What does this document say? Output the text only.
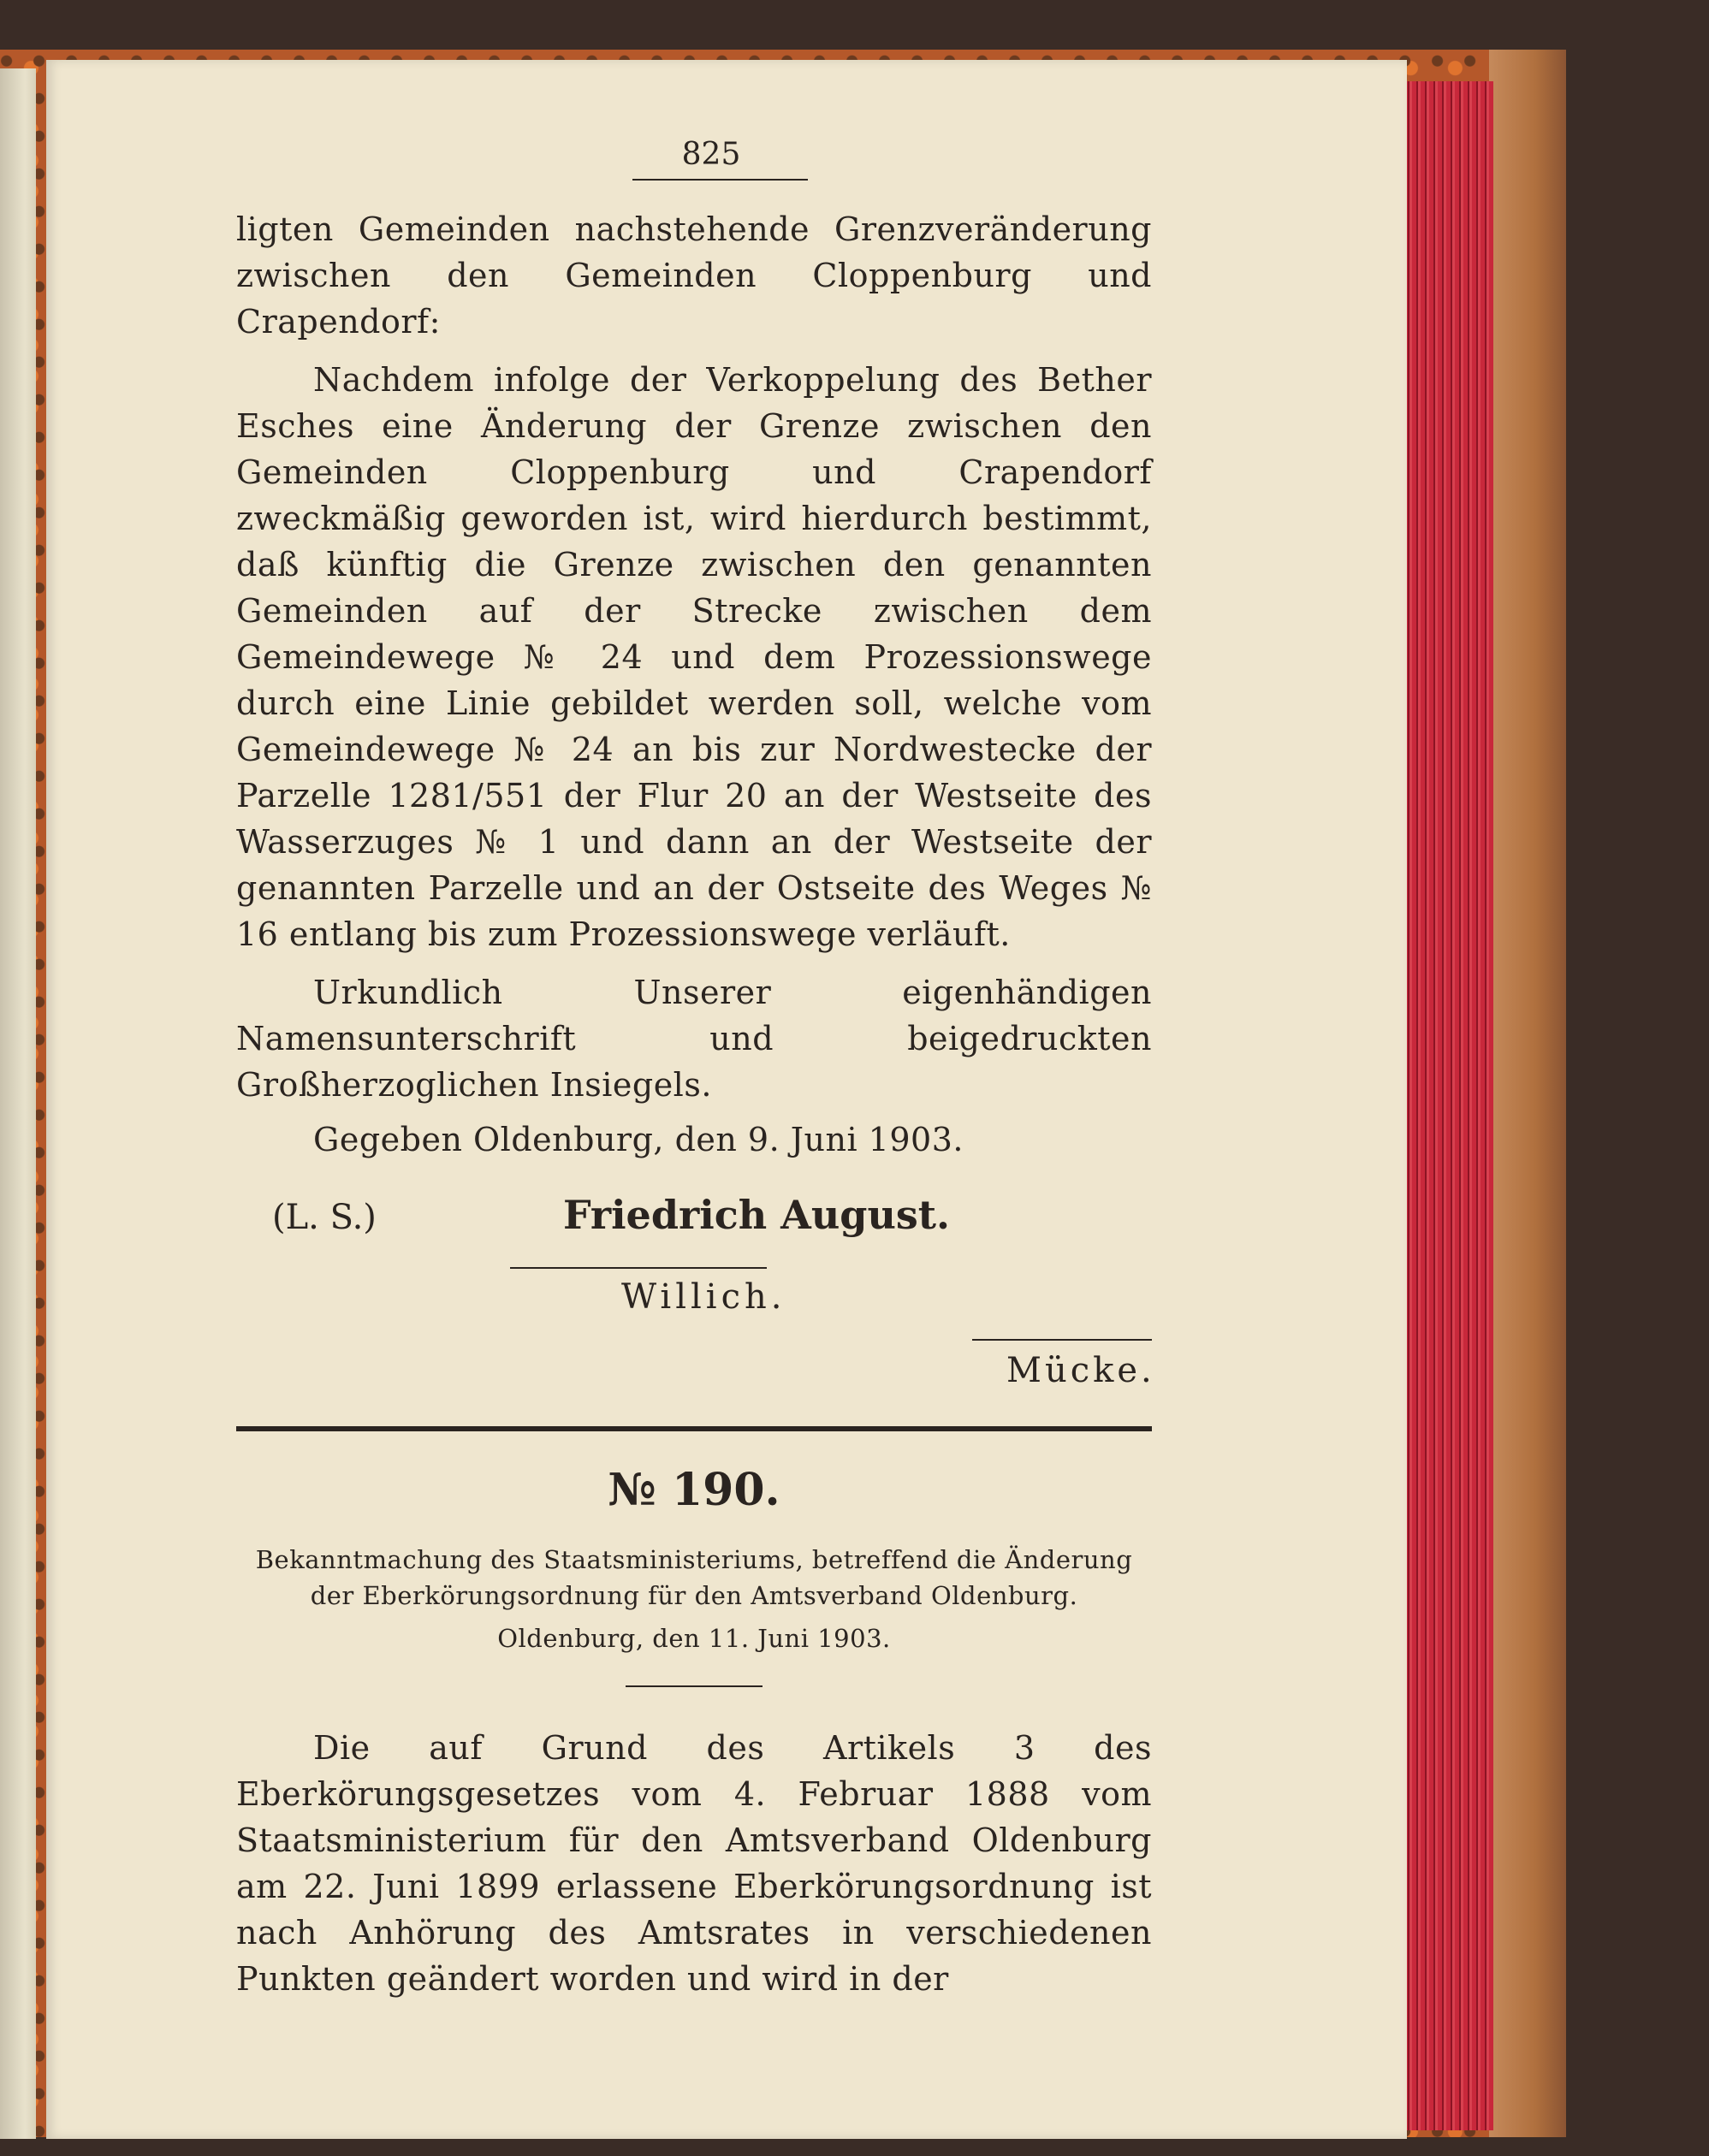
825

ligten Gemeinden nachstehende Grenzveränderung zwischen den Gemeinden Cloppenburg und Crapendorf:

Nachdem infolge der Verkoppelung des Bether Esches eine Änderung der Grenze zwischen den Gemeinden Cloppenburg und Crapendorf zweckmäßig geworden ist, wird hierdurch bestimmt, daß künftig die Grenze zwischen den genannten Gemeinden auf der Strecke zwischen dem Gemeindewege № 24 und dem Prozessionswege durch eine Linie gebildet werden soll, welche vom Gemeindewege № 24 an bis zur Nordwestecke der Parzelle 1281/551 der Flur 20 an der Westseite des Wasserzuges № 1 und dann an der Westseite der genannten Parzelle und an der Ostseite des Weges № 16 entlang bis zum Prozessionswege verläuft.

Urkundlich Unserer eigenhändigen Namensunterschrift und beigedruckten Großherzoglichen Insiegels.

Gegeben Oldenburg, den 9. Juni 1903.

(L. S.)	Friedrich August.
Willich.
Mücke.
№ 190.
Bekanntmachung des Staatsministeriums, betreffend die Änderung der Eberkörungsordnung für den Amtsverband Oldenburg.
Oldenburg, den 11. Juni 1903.

Die auf Grund des Artikels 3 des Eberkörungsgesetzes vom 4. Februar 1888 vom Staatsministerium für den Amtsverband Oldenburg am 22. Juni 1899 erlassene Eberkörungsordnung ist nach Anhörung des Amtsrates in verschiedenen Punkten geändert worden und wird in der
